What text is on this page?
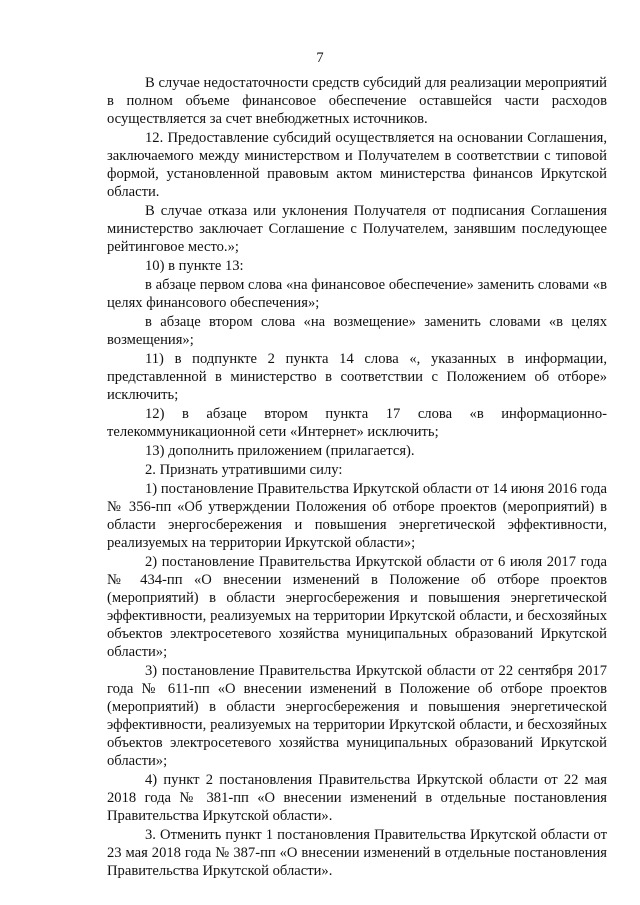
7

В случае недостаточности средств субсидий для реализации мероприятий в полном объеме финансовое обеспечение оставшейся части расходов осуществляется за счет внебюджетных источников.

12. Предоставление субсидий осуществляется на основании Соглашения, заключаемого между министерством и Получателем в соответствии с типовой формой, установленной правовым актом министерства финансов Иркутской области.

В случае отказа или уклонения Получателя от подписания Соглашения министерство заключает Соглашение с Получателем, занявшим последующее рейтинговое место.»;

10) в пункте 13:

в абзаце первом слова «на финансовое обеспечение» заменить словами «в целях финансового обеспечения»;

в абзаце втором слова «на возмещение» заменить словами «в целях возмещения»;

11) в подпункте 2 пункта 14 слова «, указанных в информации, представленной в министерство в соответствии с Положением об отборе» исключить;

12) в абзаце втором пункта 17 слова «в информационно-телекоммуникационной сети «Интернет» исключить;

13) дополнить приложением (прилагается).

2. Признать утратившими силу:

1) постановление Правительства Иркутской области от 14 июня 2016 года № 356-пп «Об утверждении Положения об отборе проектов (мероприятий) в области энергосбережения и повышения энергетической эффективности, реализуемых на территории Иркутской области»;

2) постановление Правительства Иркутской области от 6 июля 2017 года № 434-пп «О внесении изменений в Положение об отборе проектов (мероприятий) в области энергосбережения и повышения энергетической эффективности, реализуемых на территории Иркутской области, и бесхозяйных объектов электросетевого хозяйства муниципальных образований Иркутской области»;

3) постановление Правительства Иркутской области от 22 сентября 2017 года № 611-пп «О внесении изменений в Положение об отборе проектов (мероприятий) в области энергосбережения и повышения энергетической эффективности, реализуемых на территории Иркутской области, и бесхозяйных объектов электросетевого хозяйства муниципальных образований Иркутской области»;

4) пункт 2 постановления Правительства Иркутской области от 22 мая 2018 года № 381-пп «О внесении изменений в отдельные постановления Правительства Иркутской области».

3. Отменить пункт 1 постановления Правительства Иркутской области от 23 мая 2018 года № 387-пп «О внесении изменений в отдельные постановления Правительства Иркутской области».
